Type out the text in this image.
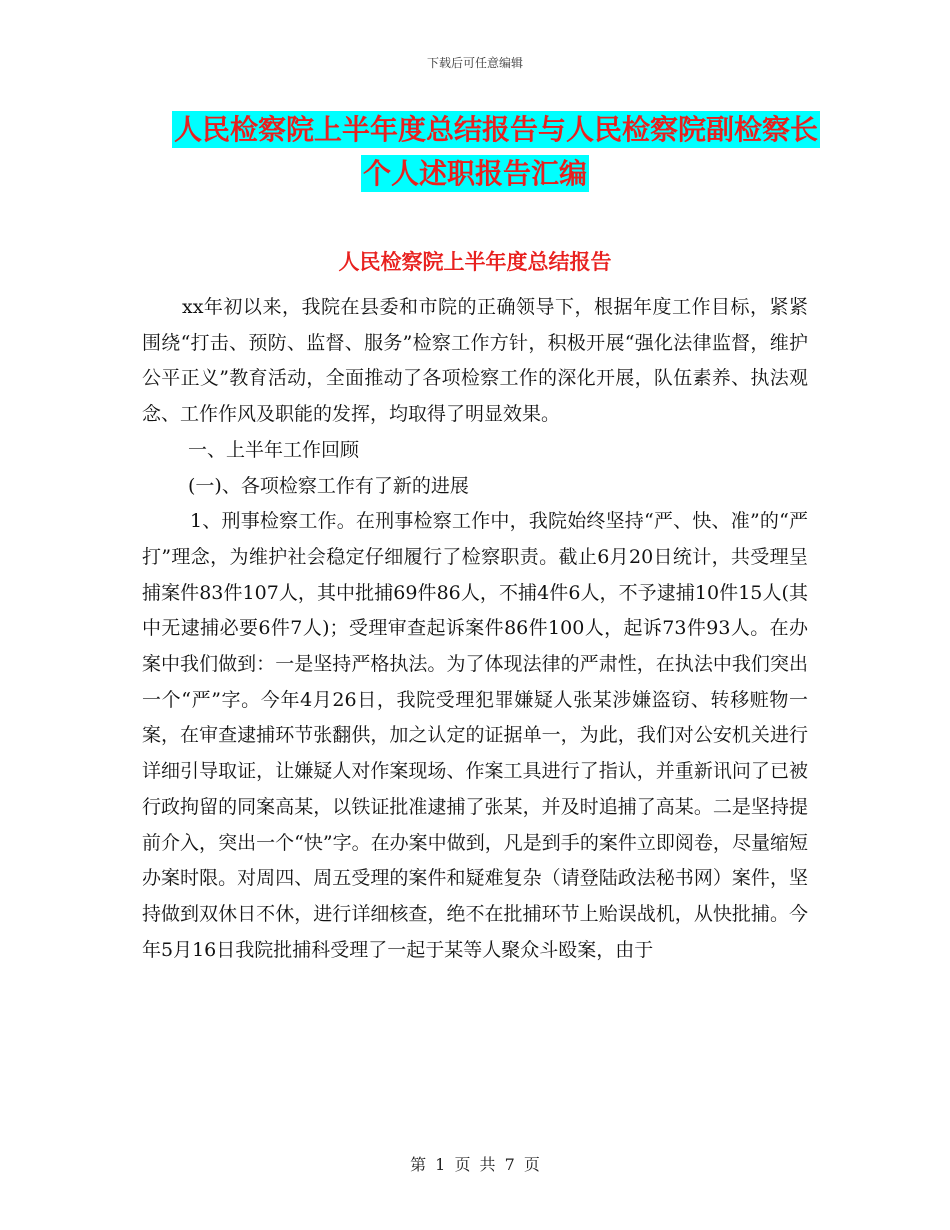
下载后可任意编辑
人民检察院上半年度总结报告与人民检察院副检察长
个人述职报告汇编
人民检察院上半年度总结报告

xx年初以来，我院在县委和市院的正确领导下，根据年度工作目标，紧紧围绕“打击、预防、监督、服务”检察工作方针，积极开展“强化法律监督，维护公平正义”教育活动，全面推动了各项检察工作的深化开展，队伍素养、执法观念、工作作风及职能的发挥，均取得了明显效果。

一、上半年工作回顾

(一)、各项检察工作有了新的进展

1、刑事检察工作。在刑事检察工作中，我院始终坚持“严、快、准”的“严打”理念，为维护社会稳定仔细履行了检察职责。截止6月20日统计，共受理呈捕案件83件107人，其中批捕69件86人，不捕4件6人，不予逮捕10件15人(其中无逮捕必要6件7人)；受理审查起诉案件86件100人，起诉73件93人。在办案中我们做到：一是坚持严格执法。为了体现法律的严肃性，在执法中我们突出一个“严”字。今年4月26日，我院受理犯罪嫌疑人张某涉嫌盗窃、转移赃物一案，在审查逮捕环节张翻供，加之认定的证据单一，为此，我们对公安机关进行详细引导取证，让嫌疑人对作案现场、作案工具进行了指认，并重新讯问了已被行政拘留的同案高某，以铁证批准逮捕了张某，并及时追捕了高某。二是坚持提前介入，突出一个“快”字。在办案中做到，凡是到手的案件立即阅卷，尽量缩短办案时限。对周四、周五受理的案件和疑难复杂（请登陆政法秘书网）案件，坚持做到双休日不休，进行详细核查，绝不在批捕环节上贻误战机，从快批捕。今年5月16日我院批捕科受理了一起于某等人聚众斗殴案，由于

第 1 页 共 7 页
